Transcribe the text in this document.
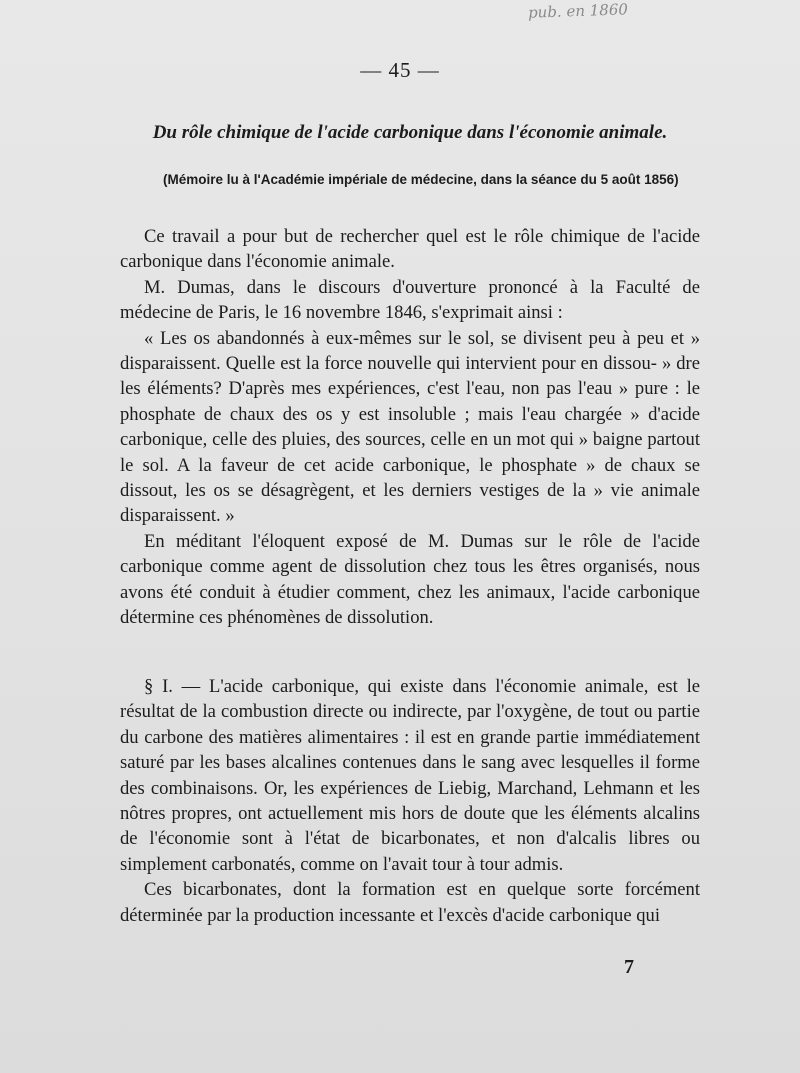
pub. en 1860
— 45 —
Du rôle chimique de l'acide carbonique dans l'économie animale.
(Mémoire lu à l'Académie impériale de médecine, dans la séance du 5 août 1856)

Ce travail a pour but de rechercher quel est le rôle chimique de l'acide carbonique dans l'économie animale.

M. Dumas, dans le discours d'ouverture prononcé à la Faculté de médecine de Paris, le 16 novembre 1846, s'exprimait ainsi :

« Les os abandonnés à eux-mêmes sur le sol, se divisent peu à peu et » disparaissent. Quelle est la force nouvelle qui intervient pour en dissou- » dre les éléments? D'après mes expériences, c'est l'eau, non pas l'eau » pure : le phosphate de chaux des os y est insoluble ; mais l'eau chargée » d'acide carbonique, celle des pluies, des sources, celle en un mot qui » baigne partout le sol. A la faveur de cet acide carbonique, le phosphate » de chaux se dissout, les os se désagrègent, et les derniers vestiges de la » vie animale disparaissent. »

En méditant l'éloquent exposé de M. Dumas sur le rôle de l'acide carbonique comme agent de dissolution chez tous les êtres organisés, nous avons été conduit à étudier comment, chez les animaux, l'acide carbonique détermine ces phénomènes de dissolution.

§ I. — L'acide carbonique, qui existe dans l'économie animale, est le résultat de la combustion directe ou indirecte, par l'oxygène, de tout ou partie du carbone des matières alimentaires : il est en grande partie immédiatement saturé par les bases alcalines contenues dans le sang avec lesquelles il forme des combinaisons. Or, les expériences de Liebig, Marchand, Lehmann et les nôtres propres, ont actuellement mis hors de doute que les éléments alcalins de l'économie sont à l'état de bicarbonates, et non d'alcalis libres ou simplement carbonatés, comme on l'avait tour à tour admis.

Ces bicarbonates, dont la formation est en quelque sorte forcément déterminée par la production incessante et l'excès d'acide carbonique qui

7
